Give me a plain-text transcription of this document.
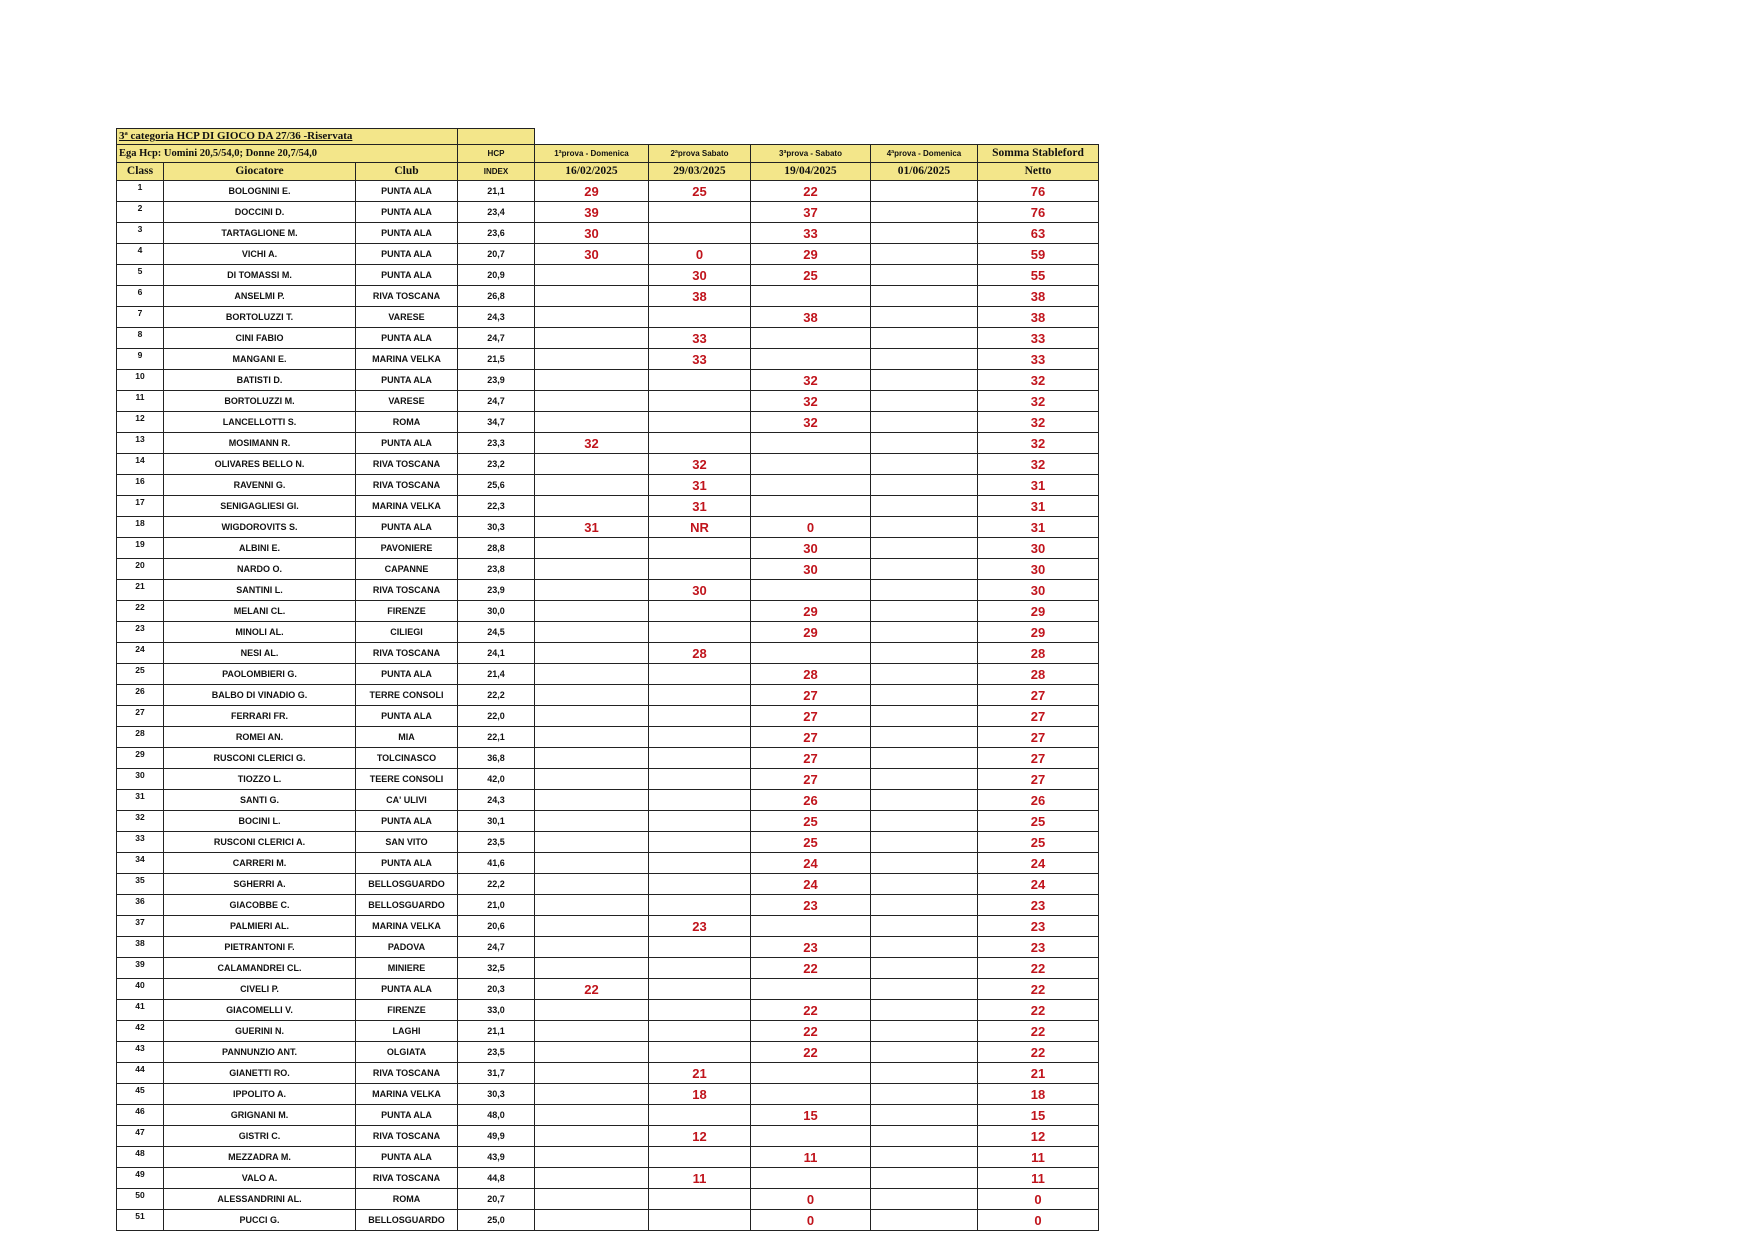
3ª categoria HCP DI GIOCO DA 27/36 -Riservata								
Ega Hcp: Uomini 20,5/54,0; Donne 20,7/54,0			HCP	1ªprova - Domenica	2ªprova Sabato	3ªprova - Sabato	4ªprova - Domenica	Somma Stableford
Class	Giocatore	Club	INDEX	16/02/2025	29/03/2025	19/04/2025	01/06/2025	Netto
1	BOLOGNINI E.	PUNTA ALA	21,1	29	25	22		76
2	DOCCINI D.	PUNTA ALA	23,4	39		37		76
3	TARTAGLIONE M.	PUNTA ALA	23,6	30		33		63
4	VICHI A.	PUNTA ALA	20,7	30	0	29		59
5	DI TOMASSI M.	PUNTA ALA	20,9		30	25		55
6	ANSELMI P.	RIVA TOSCANA	26,8		38			38
7	BORTOLUZZI T.	VARESE	24,3			38		38
8	CINI FABIO	PUNTA ALA	24,7		33			33
9	MANGANI E.	MARINA VELKA	21,5		33			33
10	BATISTI D.	PUNTA ALA	23,9			32		32
11	BORTOLUZZI M.	VARESE	24,7			32		32
12	LANCELLOTTI S.	ROMA	34,7			32		32
13	MOSIMANN R.	PUNTA ALA	23,3	32				32
14	OLIVARES BELLO N.	RIVA TOSCANA	23,2		32			32
16	RAVENNI G.	RIVA TOSCANA	25,6		31			31
17	SENIGAGLIESI GI.	MARINA VELKA	22,3		31			31
18	WIGDOROVITS S.	PUNTA ALA	30,3	31	NR	0		31
19	ALBINI E.	PAVONIERE	28,8			30		30
20	NARDO O.	CAPANNE	23,8			30		30
21	SANTINI L.	RIVA TOSCANA	23,9		30			30
22	MELANI CL.	FIRENZE	30,0			29		29
23	MINOLI AL.	CILIEGI	24,5			29		29
24	NESI AL.	RIVA TOSCANA	24,1		28			28
25	PAOLOMBIERI G.	PUNTA ALA	21,4			28		28
26	BALBO DI VINADIO G.	TERRE CONSOLI	22,2			27		27
27	FERRARI FR.	PUNTA ALA	22,0			27		27
28	ROMEI AN.	MIA	22,1			27		27
29	RUSCONI CLERICI G.	TOLCINASCO	36,8			27		27
30	TIOZZO L.	TEERE CONSOLI	42,0			27		27
31	SANTI G.	CA' ULIVI	24,3			26		26
32	BOCINI L.	PUNTA ALA	30,1			25		25
33	RUSCONI CLERICI A.	SAN VITO	23,5			25		25
34	CARRERI M.	PUNTA ALA	41,6			24		24
35	SGHERRI A.	BELLOSGUARDO	22,2			24		24
36	GIACOBBE C.	BELLOSGUARDO	21,0			23		23
37	PALMIERI AL.	MARINA VELKA	20,6		23			23
38	PIETRANTONI F.	PADOVA	24,7			23		23
39	CALAMANDREI CL.	MINIERE	32,5			22		22
40	CIVELI P.	PUNTA ALA	20,3	22				22
41	GIACOMELLI V.	FIRENZE	33,0			22		22
42	GUERINI N.	LAGHI	21,1			22		22
43	PANNUNZIO ANT.	OLGIATA	23,5			22		22
44	GIANETTI RO.	RIVA TOSCANA	31,7		21			21
45	IPPOLITO A.	MARINA VELKA	30,3		18			18
46	GRIGNANI M.	PUNTA ALA	48,0			15		15
47	GISTRI C.	RIVA TOSCANA	49,9		12			12
48	MEZZADRA M.	PUNTA ALA	43,9			11		11
49	VALO A.	RIVA TOSCANA	44,8		11			11
50	ALESSANDRINI AL.	ROMA	20,7			0		0
51	PUCCI G.	BELLOSGUARDO	25,0			0		0
